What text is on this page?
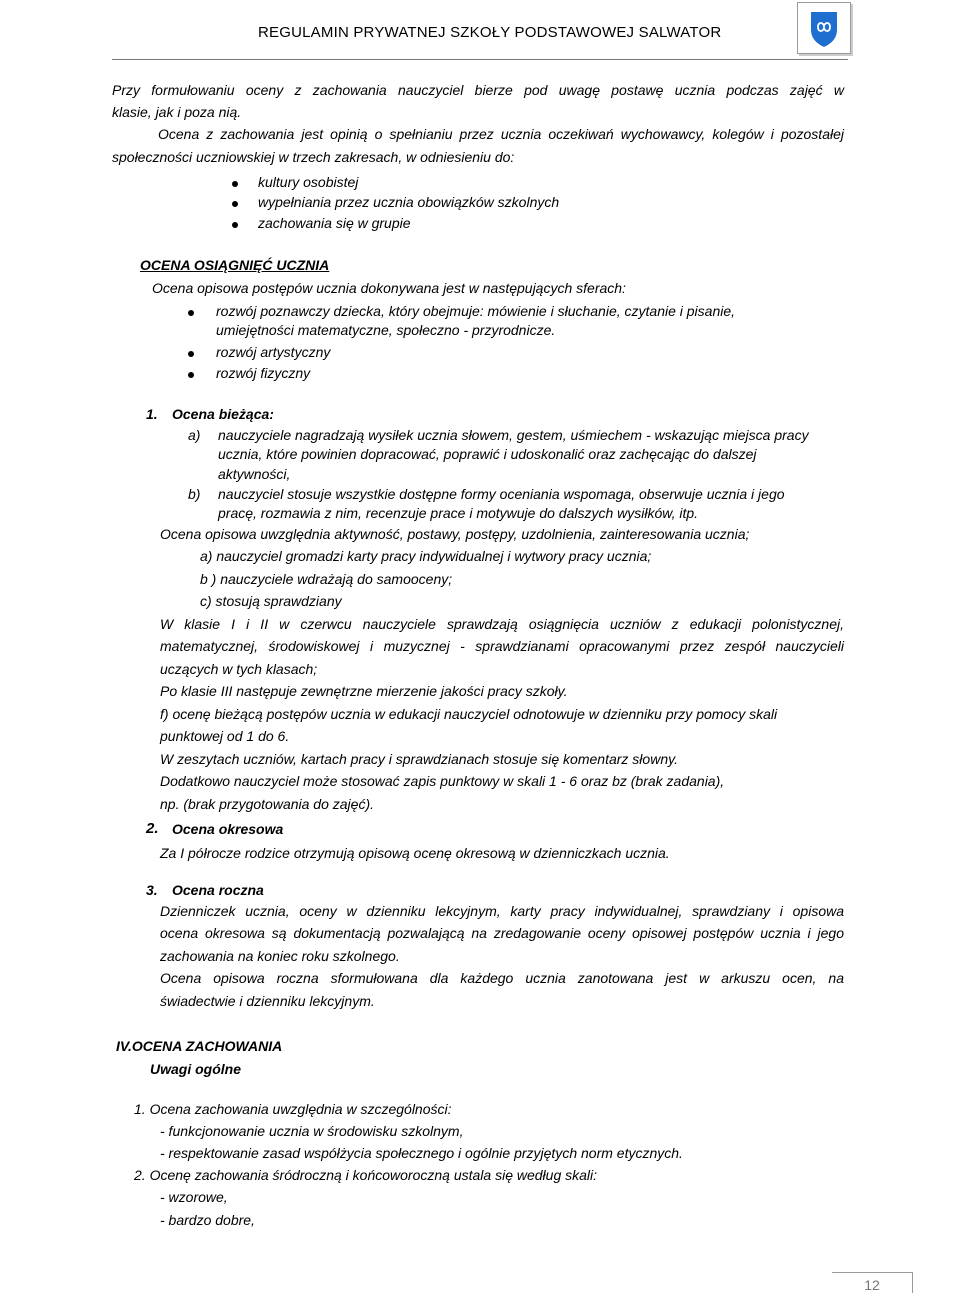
REGULAMIN PRYWATNEJ SZKOŁY PODSTAWOWEJ SALWATOR
Przy formułowaniu oceny z zachowania nauczyciel bierze pod uwagę postawę ucznia podczas zajęć w
klasie, jak i poza nią.
Ocena z zachowania jest opinią o spełnianiu przez ucznia oczekiwań wychowawcy, kolegów i pozostałej
społeczności uczniowskiej w trzech zakresach, w odniesieniu do:
kultury osobistej
wypełniania przez ucznia obowiązków szkolnych
zachowania się w grupie
OCENA OSIĄGNIĘĆ UCZNIA
Ocena opisowa postępów ucznia dokonywana jest w następujących sferach:
rozwój poznawczy dziecka, który obejmuje: mówienie i słuchanie, czytanie i pisanie,
umiejętności matematyczne, społeczno - przyrodnicze.
rozwój artystyczny
rozwój fizyczny
1. Ocena bieżąca:
a) nauczyciele nagradzają wysiłek ucznia słowem, gestem, uśmiechem - wskazując miejsca pracy
ucznia, które powinien dopracować, poprawić i udoskonalić oraz zachęcając do dalszej
aktywności,
b) nauczyciel stosuje wszystkie dostępne formy oceniania wspomaga, obserwuje ucznia i jego
pracę, rozmawia z nim, recenzuje prace i motywuje do dalszych wysiłków, itp.
Ocena opisowa uwzględnia aktywność, postawy, postępy, uzdolnienia, zainteresowania ucznia;
a) nauczyciel gromadzi karty pracy indywidualnej i wytwory pracy ucznia;
b ) nauczyciele wdrażają do samooceny;
c) stosują sprawdziany
W klasie I i II w czerwcu nauczyciele sprawdzają osiągnięcia uczniów z edukacji polonistycznej,
matematycznej, środowiskowej i muzycznej - sprawdzianami opracowanymi przez zespół nauczycieli
uczących w tych klasach;
Po klasie III następuje zewnętrzne mierzenie jakości pracy szkoły.
f) ocenę bieżącą postępów ucznia w edukacji nauczyciel odnotowuje w dzienniku przy pomocy skali
punktowej od 1 do 6.
W zeszytach uczniów, kartach pracy i sprawdzianach stosuje się komentarz słowny.
Dodatkowo nauczyciel może stosować zapis punktowy w skali 1 - 6 oraz bz (brak zadania),
np. (brak przygotowania do zajęć).
2. Ocena okresowa
Za I półrocze rodzice otrzymują opisową ocenę okresową w dzienniczkach ucznia.
3. Ocena roczna
Dzienniczek ucznia, oceny w dzienniku lekcyjnym, karty pracy indywidualnej, sprawdziany i opisowa
ocena okresowa są dokumentacją pozwalającą na zredagowanie oceny opisowej postępów ucznia i jego
zachowania na koniec roku szkolnego.
Ocena opisowa roczna sformułowana dla każdego ucznia zanotowana jest w arkuszu ocen, na
świadectwie i dzienniku lekcyjnym.
IV.OCENA ZACHOWANIA
Uwagi ogólne
1. Ocena zachowania uwzględnia w szczególności:
- funkcjonowanie ucznia w środowisku szkolnym,
- respektowanie zasad współżycia społecznego i ogólnie przyjętych norm etycznych.
2. Ocenę zachowania śródroczną i końcoworoczną ustala się według skali:
- wzorowe,
- bardzo dobre,
12
